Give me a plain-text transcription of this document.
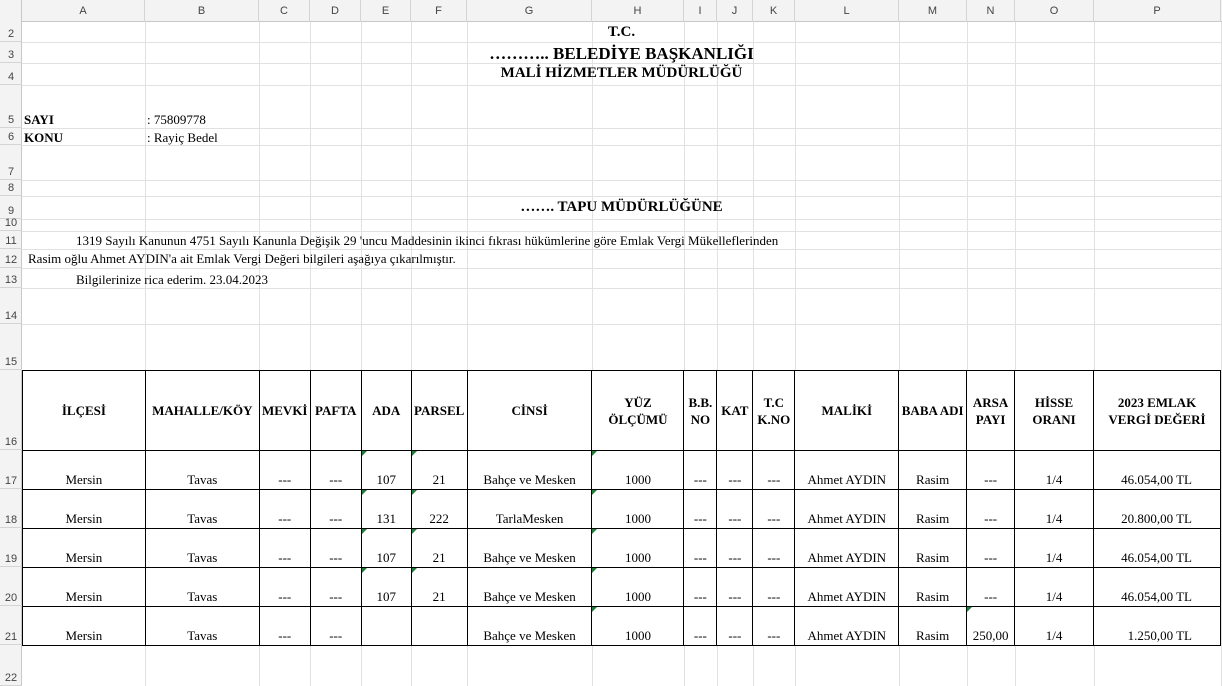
A	B	C	D	E	F	G	H	I	J	K	L	M	N	O	P
2
3
4
5
6
7
8
9
10
11
12
13
14
15
16
17
18
19
20
21
22
T.C.
……….. BELEDİYE BAŞKANLIĞI
MALİ HİZMETLER MÜDÜRLÜĞÜ
SAYI	: 75809778
KONU	: Rayiç Bedel
……. TAPU MÜDÜRLÜĞÜNE
1319 Sayılı Kanunun 4751 Sayılı Kanunla Değişik 29 'uncu Maddesinin ikinci fıkrası hükümlerine göre Emlak Vergi Mükelleflerinden
Rasim oğlu Ahmet AYDIN'a ait Emlak Vergi Değeri bilgileri aşağıya çıkarılmıştır.
Bilgilerinize rica ederim. 23.04.2023
İLÇESİ	MAHALLE/KÖY	MEVKİ	PAFTA	ADA	PARSEL	CİNSİ	YÜZ ÖLÇÜMÜ	B.B. NO	KAT	T.C K.NO	MALİKİ	BABA ADI	ARSA PAYI	HİSSE ORANI	2023 EMLAK VERGİ DEĞERİ
Mersin	Tavas	---	---	107	21	Bahçe ve Mesken	1000	---	---	---	Ahmet AYDIN	Rasim	---	1/4	46.054,00 TL
Mersin	Tavas	---	---	131	222	TarlaMesken	1000	---	---	---	Ahmet AYDIN	Rasim	---	1/4	20.800,00 TL
Mersin	Tavas	---	---	107	21	Bahçe ve Mesken	1000	---	---	---	Ahmet AYDIN	Rasim	---	1/4	46.054,00 TL
Mersin	Tavas	---	---	107	21	Bahçe ve Mesken	1000	---	---	---	Ahmet AYDIN	Rasim	---	1/4	46.054,00 TL
Mersin	Tavas	---	---			Bahçe ve Mesken	1000	---	---	---	Ahmet AYDIN	Rasim	250,00	1/4	1.250,00 TL
